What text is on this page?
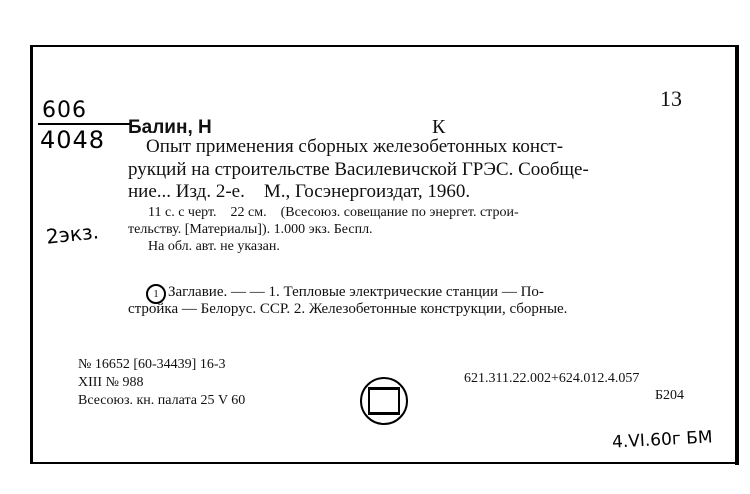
13
606
4048 Балин, Н	К
Опыт применения сборных железобетонных конст-
рукций на строительстве Василевичской ГРЭС. Сообще-
ние... Изд. 2-е.    М., Госэнергоиздат, 1960.
11 с. с черт.    22 см.    (Всесоюз. совещание по энергет. строи-
тельству. [Материалы]). 1.000 экз. Беспл.
На обл. авт. не указан.
2экз.
1 Заглавие. — — 1. Тепловые электрические станции — По-
стройка — Белорус. ССР. 2. Железобетонные конструкции, сборные.
№ 16652 [60-34439] 16-3
XIII № 988
Всесоюз. кн. палата 25 V 60
621.311.22.002+624.012.4.057
Б204
4.VI.60г БМ
